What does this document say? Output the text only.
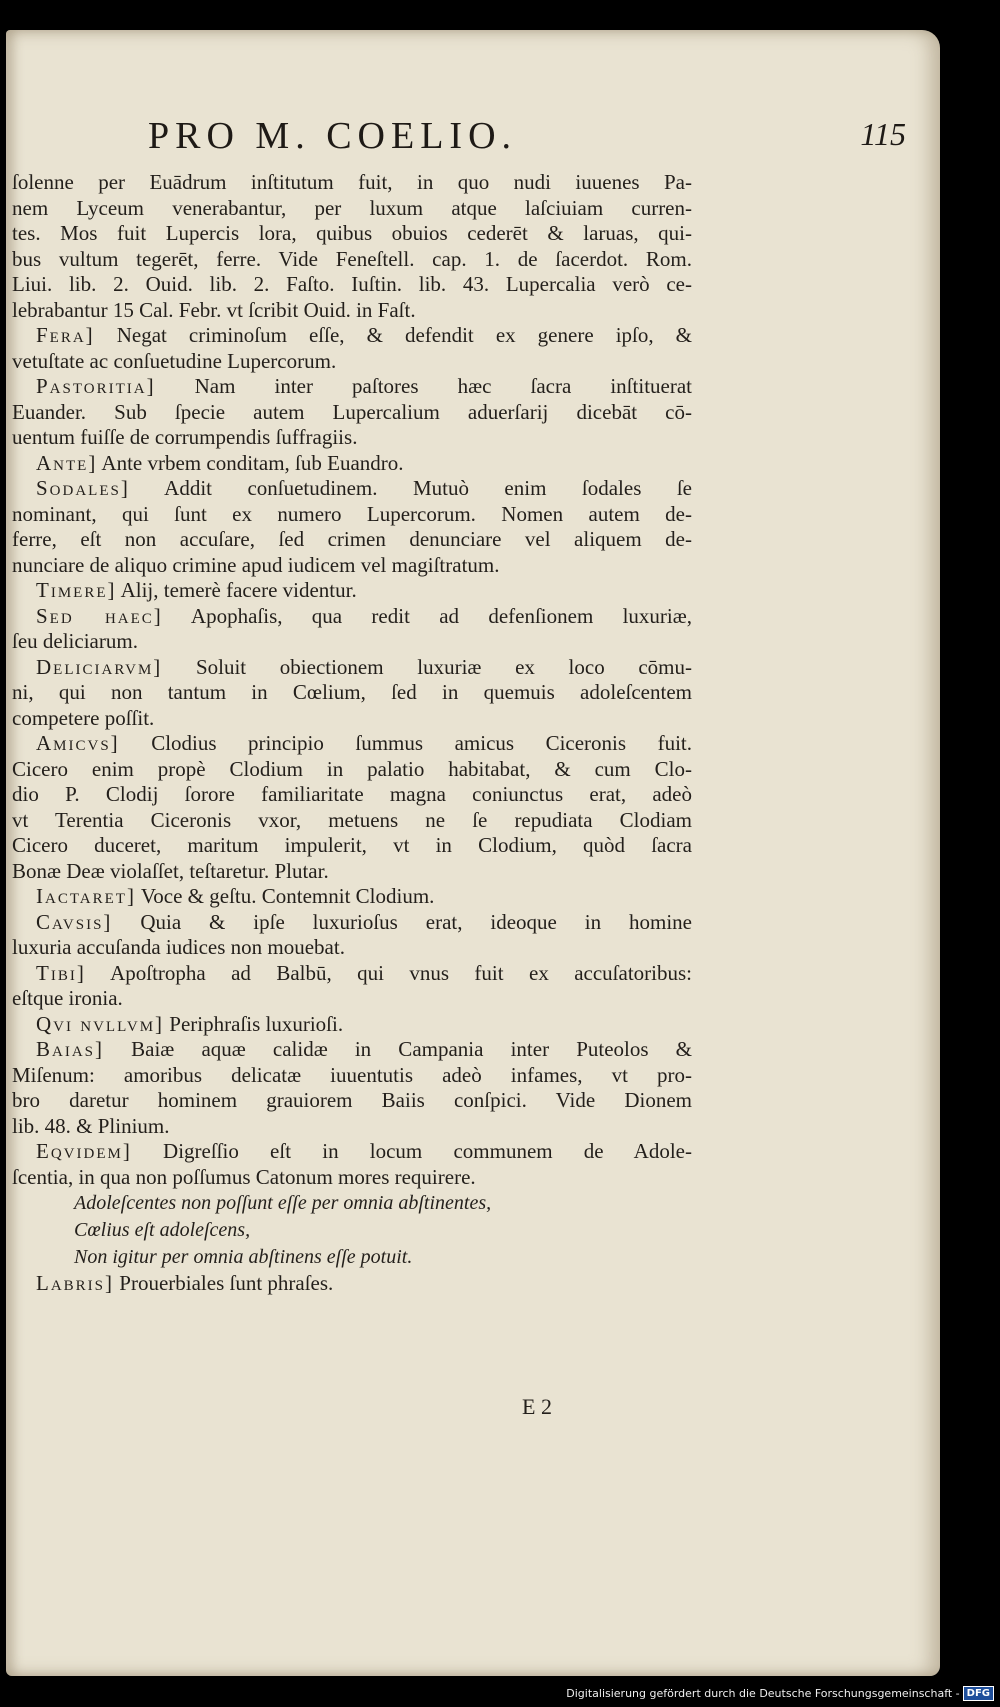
PRO M. COELIO.	115
ſolenne per Euādrum inſtitutum fuit, in quo nudi iuuenes Pa-
nem Lyceum venerabantur, per luxum atque laſciuiam curren-
tes. Mos fuit Lupercis lora, quibus obuios cederēt & laruas, qui-
bus vultum tegerēt, ferre. Vide Feneſtell. cap. 1. de ſacerdot. Rom.
Liui. lib. 2. Ouid. lib. 2. Faſto. Iuſtin. lib. 43. Lupercalia verò ce-
lebrabantur 15 Cal. Febr. vt ſcribit Ouid. in Faſt.
Fera] Negat criminoſum eſſe, & defendit ex genere ipſo, &
vetuſtate ac conſuetudine Lupercorum.
Pastoritia] Nam inter paſtores hæc ſacra inſtituerat
Euander. Sub ſpecie autem Lupercalium aduerſarij dicebāt cō-
uentum fuiſſe de corrumpendis ſuffragiis.
Ante] Ante vrbem conditam, ſub Euandro.
Sodales] Addit conſuetudinem. Mutuò enim ſodales ſe
nominant, qui ſunt ex numero Lupercorum. Nomen autem de-
ferre, eſt non accuſare, ſed crimen denunciare vel aliquem de-
nunciare de aliquo crimine apud iudicem vel magiſtratum.
Timere] Alij, temerè facere videntur.
Sed haec] Apophaſis, qua redit ad defenſionem luxuriæ,
ſeu deliciarum.
Deliciarvm] Soluit obiectionem luxuriæ ex loco cōmu-
ni, qui non tantum in Cœlium, ſed in quemuis adoleſcentem
competere poſſit.
Amicvs] Clodius principio ſummus amicus Ciceronis fuit.
Cicero enim propè Clodium in palatio habitabat, & cum Clo-
dio P. Clodij ſorore familiaritate magna coniunctus erat, adeò
vt Terentia Ciceronis vxor, metuens ne ſe repudiata Clodiam
Cicero duceret, maritum impulerit, vt in Clodium, quòd ſacra
Bonæ Deæ violaſſet, teſtaretur. Plutar.
Iactaret] Voce & geſtu. Contemnit Clodium.
Cavsis] Quia & ipſe luxurioſus erat, ideoque in homine
luxuria accuſanda iudices non mouebat.
Tibi] Apoſtropha ad Balbū, qui vnus fuit ex accuſatoribus:
eſtque ironia.
Qvi nvllvm] Periphraſis luxurioſi.
Baias] Baiæ aquæ calidæ in Campania inter Puteolos &
Miſenum: amoribus delicatæ iuuentutis adeò infames, vt pro-
bro daretur hominem grauiorem Baiis conſpici. Vide Dionem
lib. 48. & Plinium.
Eqvidem] Digreſſio eſt in locum communem de Adole-
ſcentia, in qua non poſſumus Catonum mores requirere.
Adoleſcentes non poſſunt eſſe per omnia abſtinentes,
Cœlius eſt adoleſcens,
Non igitur per omnia abſtinens eſſe potuit.
Labris] Prouerbiales ſunt phraſes.
E 2
Digitalisierung gefördert durch die Deutsche Forschungsgemeinschaft - DFG
